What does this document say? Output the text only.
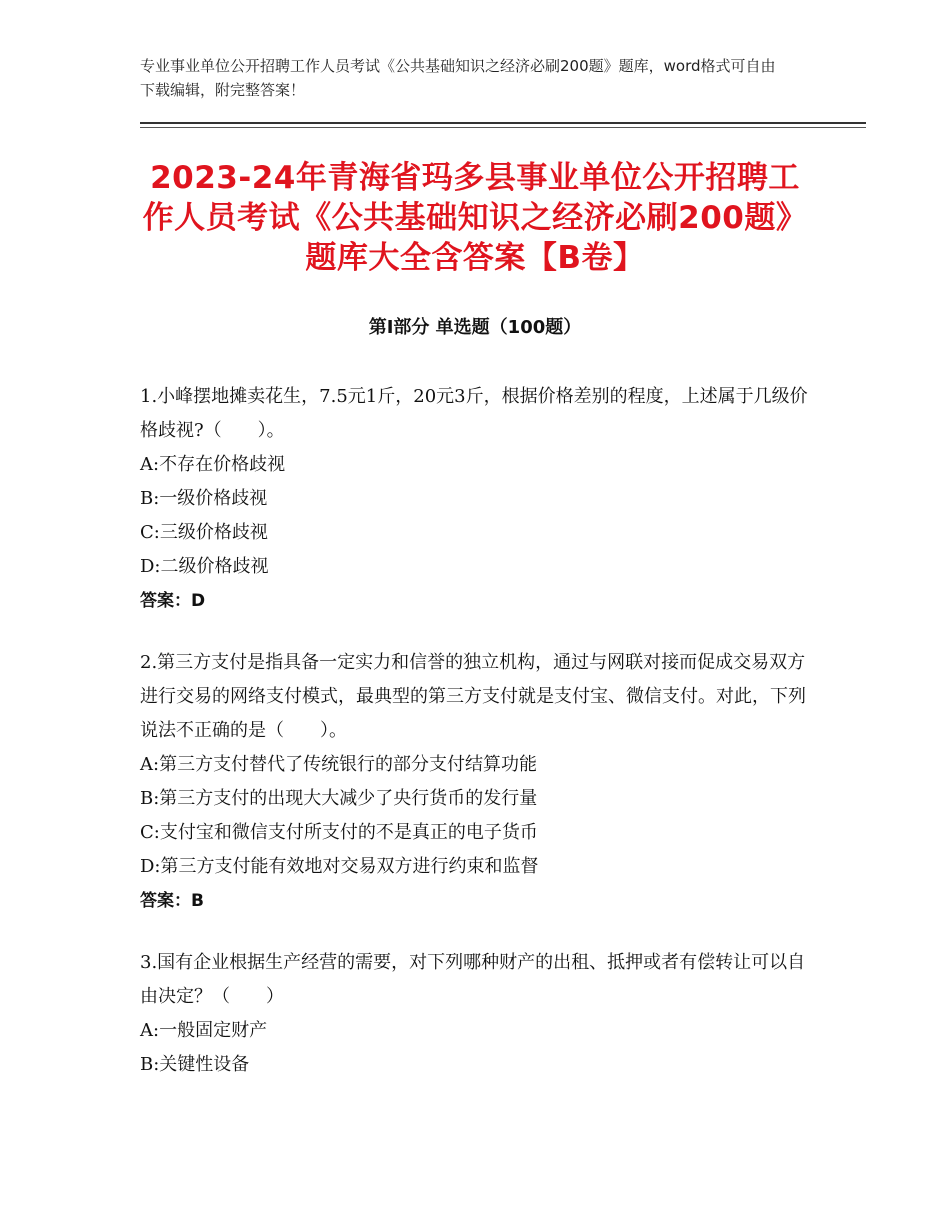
专业事业单位公开招聘工作人员考试《公共基础知识之经济必刷200题》题库，word格式可自由下载编辑，附完整答案！
2023-24年青海省玛多县事业单位公开招聘工作人员考试《公共基础知识之经济必刷200题》题库大全含答案【B卷】
第Ⅰ部分 单选题（100题）

1.小峰摆地摊卖花生，7.5元1斤，20元3斤，根据价格差别的程度，上述属于几级价格歧视?（　　）。

A:不存在价格歧视

B:一级价格歧视

C:三级价格歧视

D:二级价格歧视

答案：D

2.第三方支付是指具备一定实力和信誉的独立机构，通过与网联对接而促成交易双方进行交易的网络支付模式，最典型的第三方支付就是支付宝、微信支付。对此，下列说法不正确的是（　　）。

A:第三方支付替代了传统银行的部分支付结算功能

B:第三方支付的出现大大减少了央行货币的发行量

C:支付宝和微信支付所支付的不是真正的电子货币

D:第三方支付能有效地对交易双方进行约束和监督

答案：B

3.国有企业根据生产经营的需要，对下列哪种财产的出租、抵押或者有偿转让可以自由决定？（　　）

A:一般固定财产

B:关键性设备
